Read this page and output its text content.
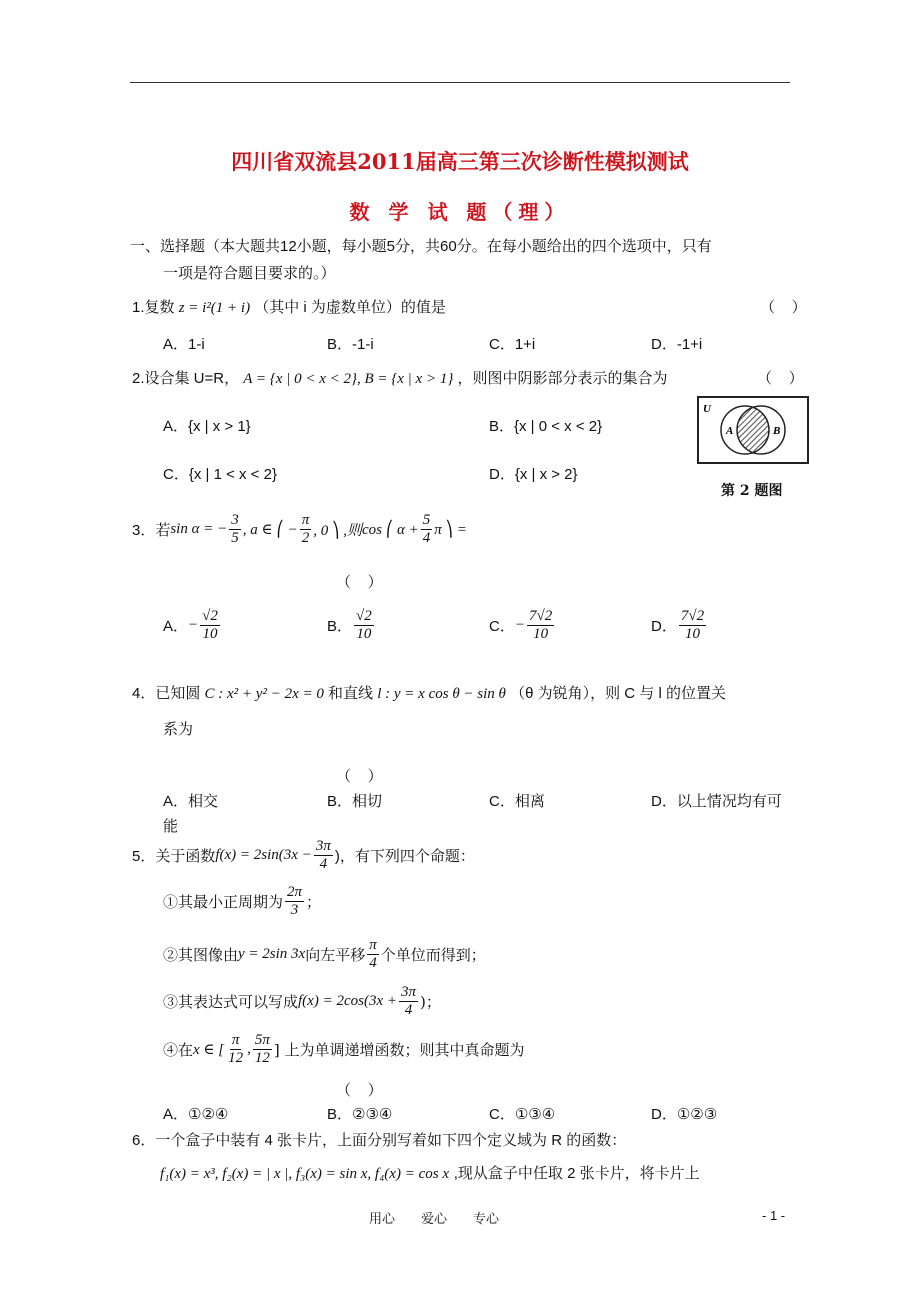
四川省双流县2011届高三第三次诊断性模拟测试
数 学 试 题（理）
一、选择题（本大题共12小题，每小题5分，共60分。在每小题给出的四个选项中，只有
一项是符合题目要求的。）
1.复数 z = i²(1 + i) （其中 i 为虚数单位）的值是	（    ）
A．1-i	B．-1-i	C．1+i	D．-1+i
2.设合集 U=R， A = {x | 0 < x < 2}, B = {x | x > 1} ，则图中阴影部分表示的集合为	（    ）
A．{x | x > 1}	B．{x | 0 < x < 2}
C．{x | 1 < x < 2}	D．{x | x > 2}
U
A	B
第 2 题图
3．若 sin α = − $\frac{3}{5}$ , a ∈ ⎛ − $\frac{\pi}{2}$ , 0 ⎞ ,则 cos ⎛ $\alpha + \frac{5}{4}$ π ⎞ =
（    ）
A． − $\frac{√2}{10}$	B． $\frac{√2}{10}$	C． − $\frac{7√2}{10}$	D． $\frac{7√2}{10}$
4．已知圆 C : x² + y² − 2x = 0 和直线 l : y = x cos θ − sin θ （θ 为锐角），则 C 与 l 的位置关
系为
（    ）
A．相交	B．相切	C．相离	D．以上情况均有可
能
5．关于函数 $f(x) = 2\sin(3x - \frac{3\pi}{4}$ )，有下列四个命题：
①其最小正周期为 $\frac{2\pi}{3}$ ；
②其图像由 y = 2sin 3x 向左平移 $\frac{\pi}{4}$ 个单位而得到；
③其表达式可以写成 $f(x) = 2\cos(3x + \frac{3\pi}{4}$ )；
④在 x ∈ [ $\frac{\pi}{12}$ , $\frac{5\pi}{12}$ ] 上为单调递增函数；则其中真命题为
（    ）
A．①②④	B．②③④	C．①③④	D．①②③
6．一个盒子中装有 4 张卡片，上面分别写着如下四个定义域为 R 的函数：
f₁(x) = x³, f₂(x) = | x |, f₃(x) = sin x, f₄(x) = cos x ,现从盒子中任取 2 张卡片，将卡片上
用心　　爱心　　专心	- 1 -
